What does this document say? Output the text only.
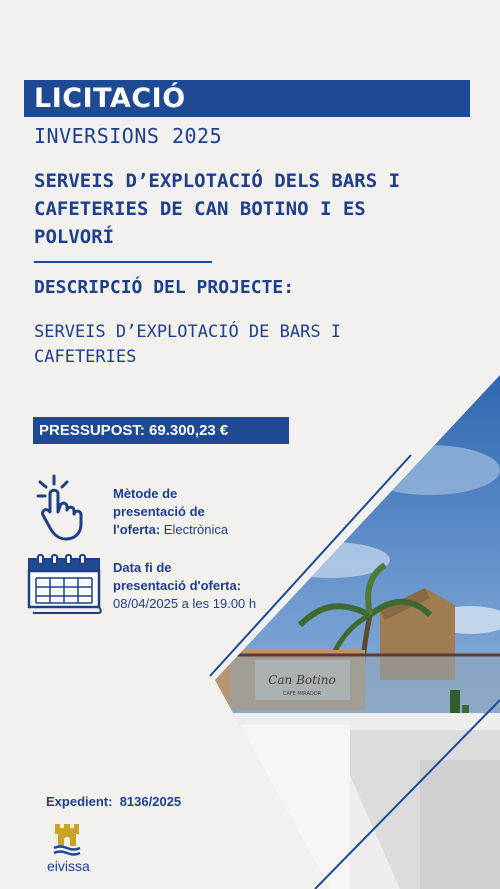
Can Botino
CAFE MIRADOR
LICITACIÓ
INVERSIONS 2025
SERVEIS D’EXPLOTACIÓ DELS BARS I
CAFETERIES DE CAN BOTINO I ES
POLVORÍ
DESCRIPCIÓ DEL PROJECTE:
SERVEIS D’EXPLOTACIÓ DE BARS I
CAFETERIES
PRESSUPOST: 69.300,23 €
Mètode de
presentació de
l'oferta: Electrònica
Data fi de
presentació d'oferta:
08/04/2025 a les 19.00 h
Expedient: 8136/2025
eivissa
